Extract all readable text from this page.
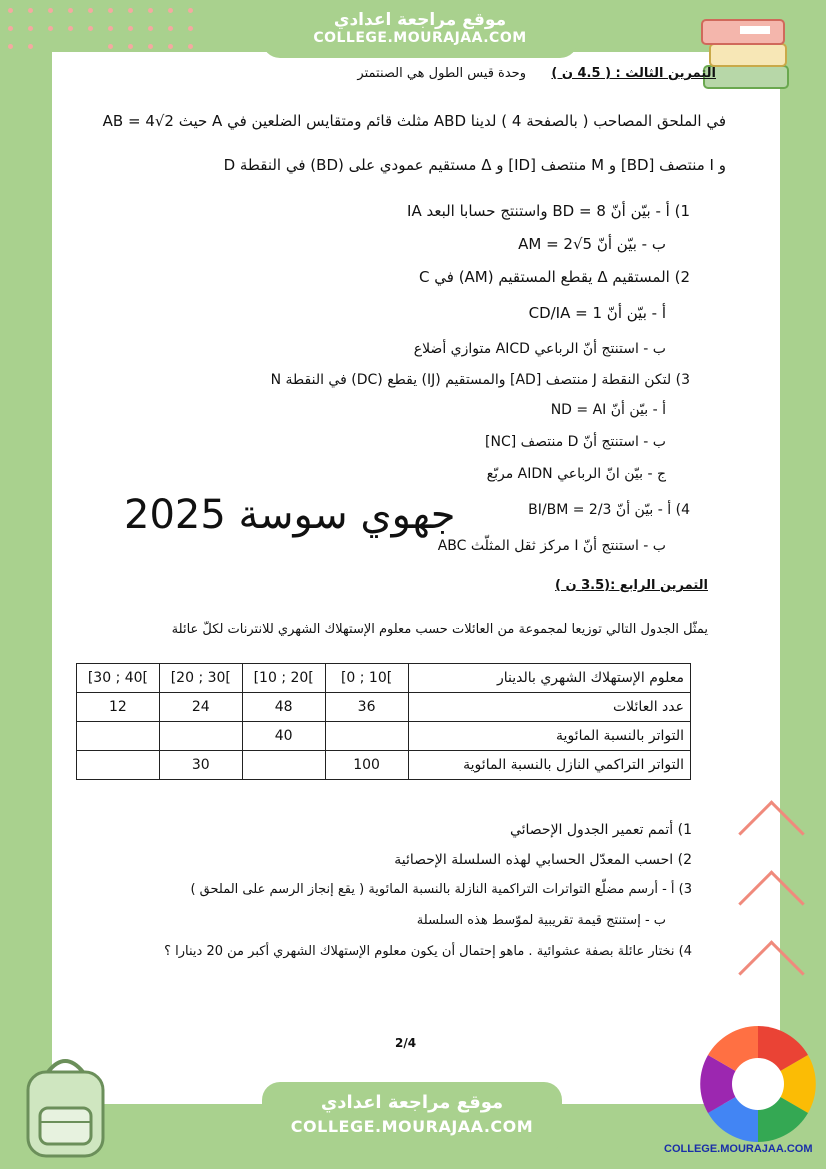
موقع مراجعة اعدادي
COLLEGE.MOURAJAA.COM
التمرين الثالث : ( 4.5 ن )
وحدة قيس الطول هي الصنتمتر
في الملحق المصاحب ( بالصفحة 4 ) لدينا ABD مثلث قائم ومتقايس الضلعين في A حيث AB = 4√2
و I منتصف [BD] و M منتصف [ID] و Δ مستقيم عمودي على (BD) في النقطة D
1) أ - بيّن أنّ BD = 8 واستنتج حسابا البعد IA
ب - بيّن أنّ AM = 2√5
2) المستقيم Δ يقطع المستقيم (AM) في C
أ - بيّن أنّ CD/IA = 1
ب - استنتج أنّ الرباعي AICD متوازي أضلاع
3) لتكن النقطة J منتصف [AD] والمستقيم (IJ) يقطع (DC) في النقطة N
أ - بيّن أنّ ND = AI
ب - استنتج أنّ D منتصف [NC]
ج - بيّن انّ الرباعي AIDN مربّع
4) أ - بيّن أنّ BI/BM = 2/3
ب - استنتج أنّ I مركز ثقل المثلّث ABC
جهوي سوسة 2025
التمرين الرابع :(3.5 ن )
يمثّل الجدول التالي توزيعا لمجموعة من العائلات حسب معلوم الإستهلاك الشهري للانترنات لكلّ عائلة
[30 ; 40[	[20 ; 30[	[10 ; 20[	[0 ; 10[	معلوم الإستهلاك الشهري بالدينار
12	24	48	36	عدد العائلات
		40		التواتر بالنسبة المائوية
	30		100	التواتر التراكمي النازل بالنسبة المائوية
1) أتمم تعمير الجدول الإحصائي
2) احسب المعدّل الحسابي لهذه السلسلة الإحصائية
3) أ - أرسم مضلّع التواترات التراكمية النازلة بالنسبة المائوية ( يقع إنجاز الرسم على الملحق )
ب - إستنتج قيمة تقريبية لموّسط هذه السلسلة
4) نختار عائلة بصفة عشوائية . ماهو إحتمال أن يكون معلوم الإستهلاك الشهري أكبر من 20 دينارا ؟
2/4
موقع مراجعة اعدادي
COLLEGE.MOURAJAA.COM
COLLEGE.MOURAJAA.COM
